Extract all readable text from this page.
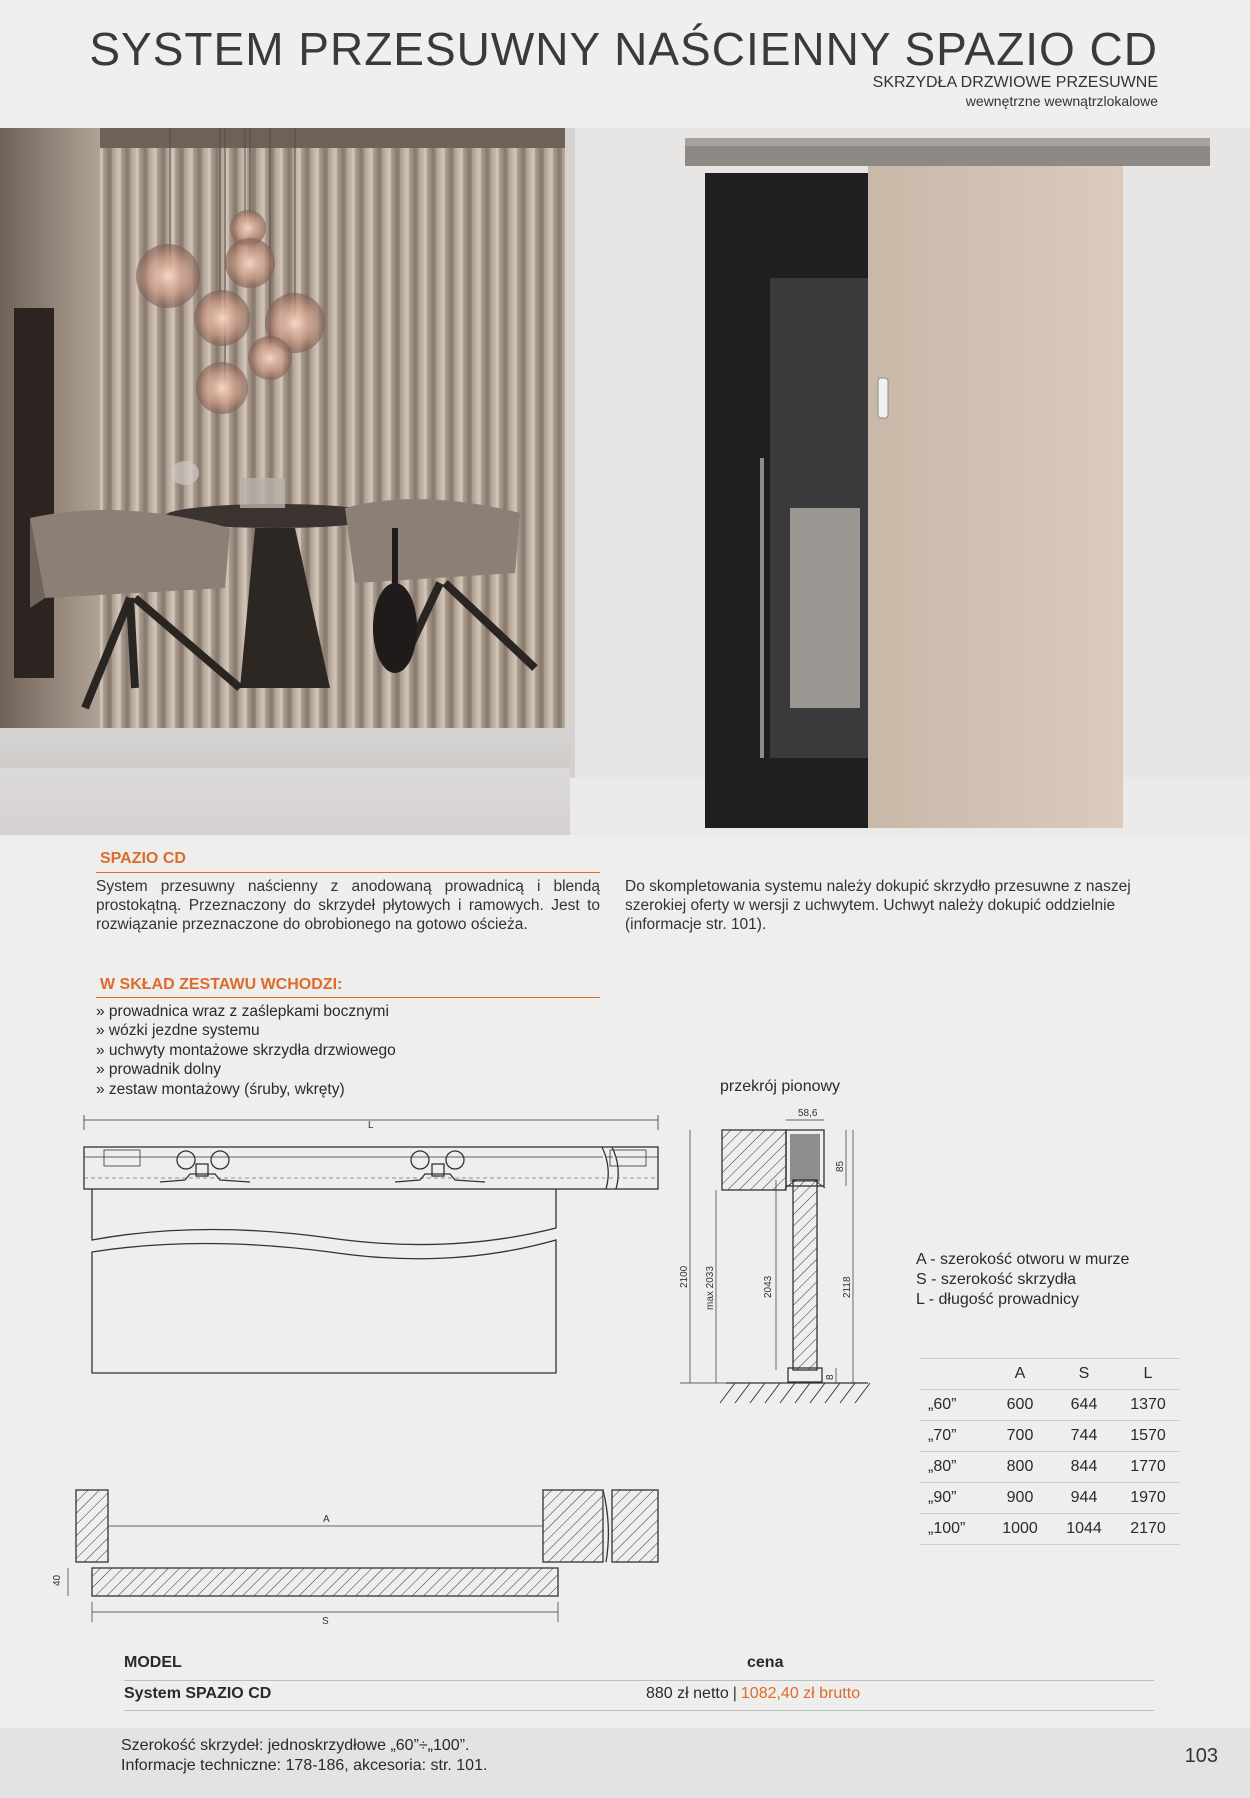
SYSTEM PRZESUWNY NAŚCIENNY SPAZIO CD
SKRZYDŁA DRZWIOWE PRZESUWNE
wewnętrzne wewnątrzlokalowe
SPAZIO CD
System przesuwny naścienny z anodowaną prowadnicą i blendą prostokątną. Przeznaczony do skrzydeł płytowych i ramowych. Jest to rozwiązanie przeznaczone do obrobionego na gotowo ościeża.
Do skompletowania systemu należy dokupić skrzydło przesuwne z naszej szerokiej oferty w wersji z uchwytem. Uchwyt należy dokupić oddzielnie (informacje str. 101).
W SKŁAD ZESTAWU WCHODZI:
» prowadnica wraz z zaślepkami bocznymi
» wózki jezdne systemu
» uchwyty montażowe skrzydła drzwiowego
» prowadnik dolny
» zestaw montażowy (śruby, wkręty)	przekrój pionowy
L
A
S
58,6
40
85
2100 max 2033	2043	2118
8
A - szerokość otworu w murze
S - szerokość skrzydła
L - długość prowadnicy
	A	S	L
„60”	600	644	1370
„70”	700	744	1570
„80”	800	844	1770
„90”	900	944	1970
„100”	1000	1044	2170
MODEL	cena
System SPAZIO CD	880 zł netto | 1082,40 zł brutto
Szerokość skrzydeł: jednoskrzydłowe „60”÷„100”.
Informacje techniczne: 178-186, akcesoria: str. 101.	103
